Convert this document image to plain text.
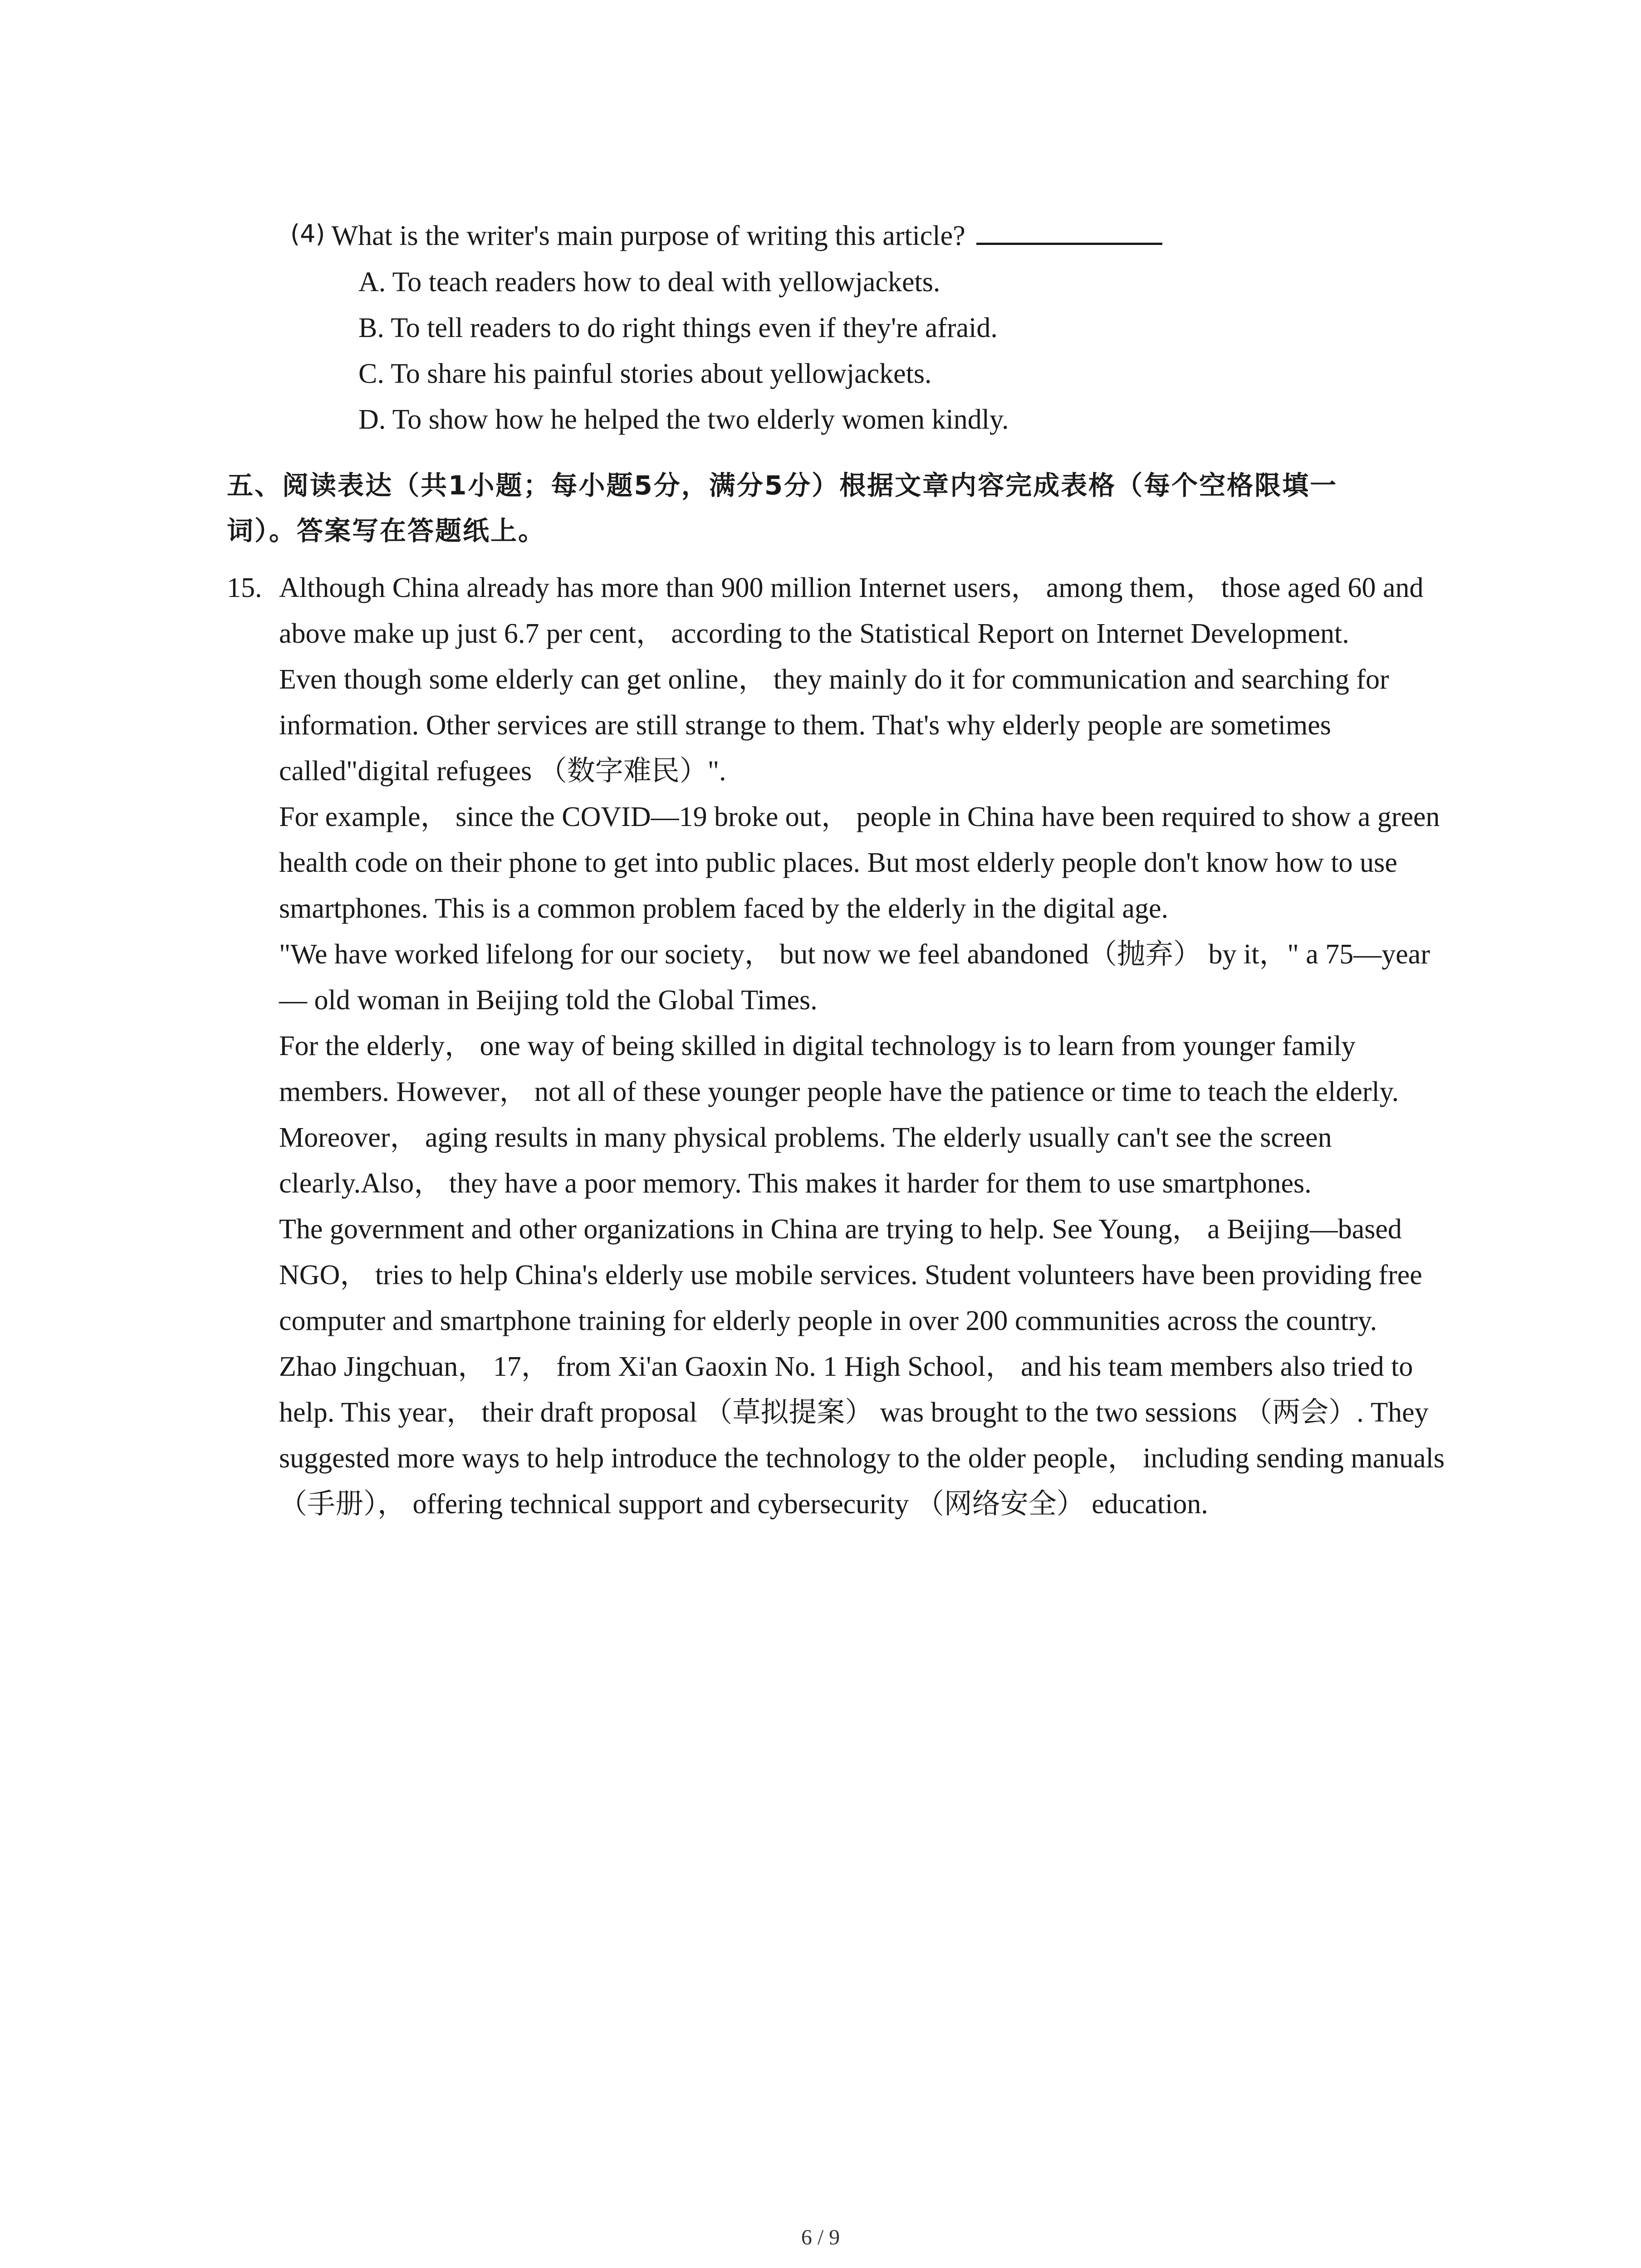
(4) What is the writer's main purpose of writing this article?
A. To teach readers how to deal with yellowjackets.
B. To tell readers to do right things even if they're afraid.
C. To share his painful stories about yellowjackets.
D. To show how he helped the two elderly women kindly.
五、阅读表达（共1小题；每小题5分，满分5分）根据文章内容完成表格（每个空格限填一
词）。答案写在答题纸上。
15. Although China already has more than 900 million Internet users， among them， those aged 60 and above make up just 6.7 per cent， according to the Statistical Report on Internet Development.

Even though some elderly can get online， they mainly do it for communication and searching for information. Other services are still strange to them. That's why elderly people are sometimes called"digital refugees （数字难民）".

For example， since the COVID—19 broke out， people in China have been required to show a green health code on their phone to get into public places. But most elderly people don't know how to use smartphones. This is a common problem faced by the elderly in the digital age.

"We have worked lifelong for our society， but now we feel abandoned（抛弃） by it，" a 75—year— old woman in Beijing told the Global Times.

For the elderly， one way of being skilled in digital technology is to learn from younger family members. However， not all of these younger people have the patience or time to teach the elderly.

Moreover， aging results in many physical problems. The elderly usually can't see the screen clearly.Also， they have a poor memory. This makes it harder for them to use smartphones.

The government and other organizations in China are trying to help. See Young， a Beijing—based NGO， tries to help China's elderly use mobile services. Student volunteers have been providing free computer and smartphone training for elderly people in over 200 communities across the country.

Zhao Jingchuan， 17， from Xi'an Gaoxin No. 1 High School， and his team members also tried to help. This year， their draft proposal （草拟提案） was brought to the two sessions （两会）. They suggested more ways to help introduce the technology to the older people， including sending manuals （手册）， offering technical support and cybersecurity （网络安全） education.

6 / 9
